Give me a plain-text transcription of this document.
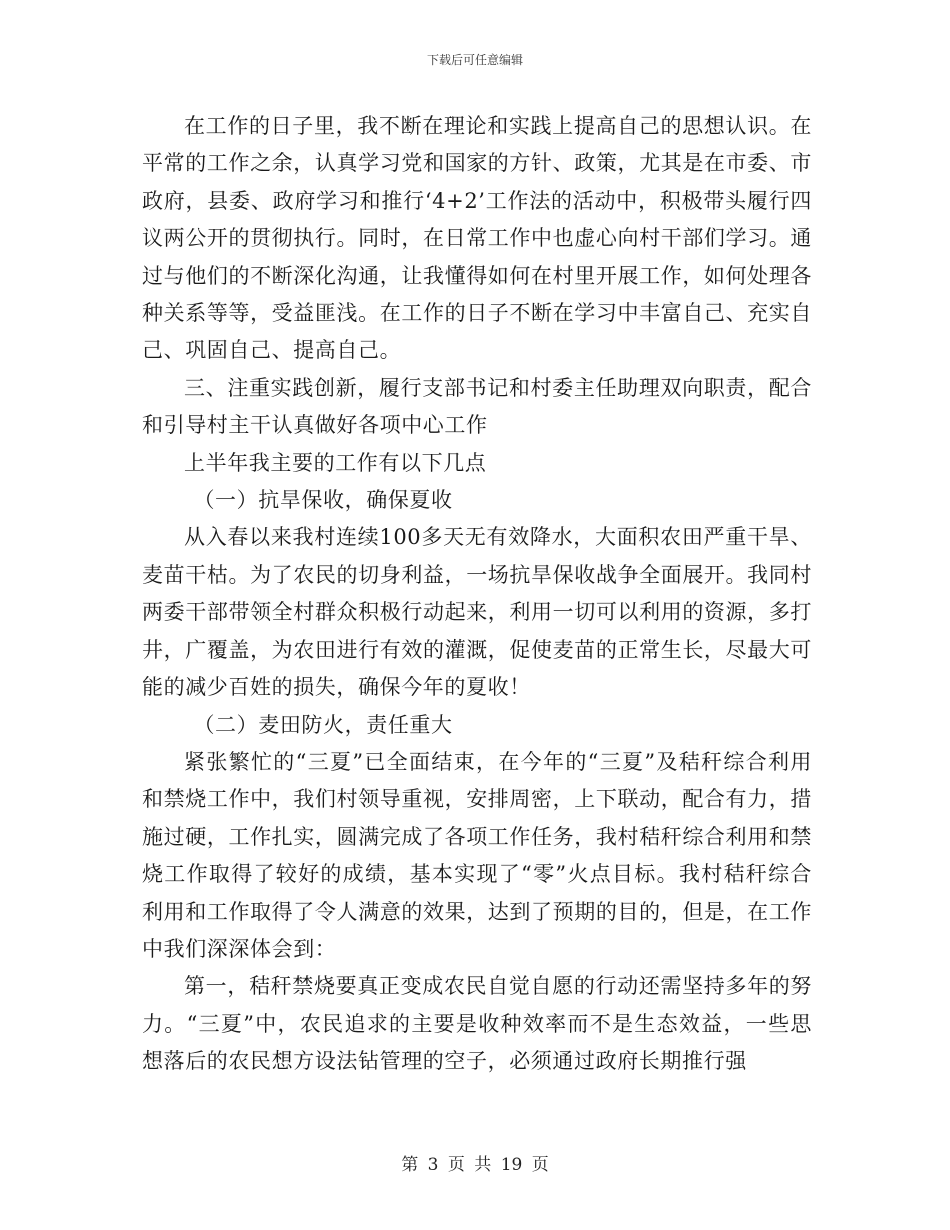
下载后可任意编辑

在工作的日子里，我不断在理论和实践上提高自己的思想认识。在平常的工作之余，认真学习党和国家的方针、政策，尤其是在市委、市政府，县委、政府学习和推行‘4+2’工作法的活动中，积极带头履行四议两公开的贯彻执行。同时，在日常工作中也虚心向村干部们学习。通过与他们的不断深化沟通，让我懂得如何在村里开展工作，如何处理各种关系等等，受益匪浅。在工作的日子不断在学习中丰富自己、充实自己、巩固自己、提高自己。

三、注重实践创新，履行支部书记和村委主任助理双向职责，配合和引导村主干认真做好各项中心工作

上半年我主要的工作有以下几点

（一）抗旱保收，确保夏收

从入春以来我村连续100多天无有效降水，大面积农田严重干旱、麦苗干枯。为了农民的切身利益，一场抗旱保收战争全面展开。我同村两委干部带领全村群众积极行动起来，利用一切可以利用的资源，多打井，广覆盖，为农田进行有效的灌溉，促使麦苗的正常生长，尽最大可能的减少百姓的损失，确保今年的夏收！

（二）麦田防火，责任重大

紧张繁忙的“三夏”已全面结束，在今年的“三夏”及秸秆综合利用和禁烧工作中，我们村领导重视，安排周密，上下联动，配合有力，措施过硬，工作扎实，圆满完成了各项工作任务，我村秸秆综合利用和禁烧工作取得了较好的成绩，基本实现了“零”火点目标。我村秸秆综合利用和工作取得了令人满意的效果，达到了预期的目的，但是，在工作中我们深深体会到：

第一，秸秆禁烧要真正变成农民自觉自愿的行动还需坚持多年的努力。“三夏”中，农民追求的主要是收种效率而不是生态效益，一些思想落后的农民想方设法钻管理的空子，必须通过政府长期推行强

第 3 页 共 19 页
